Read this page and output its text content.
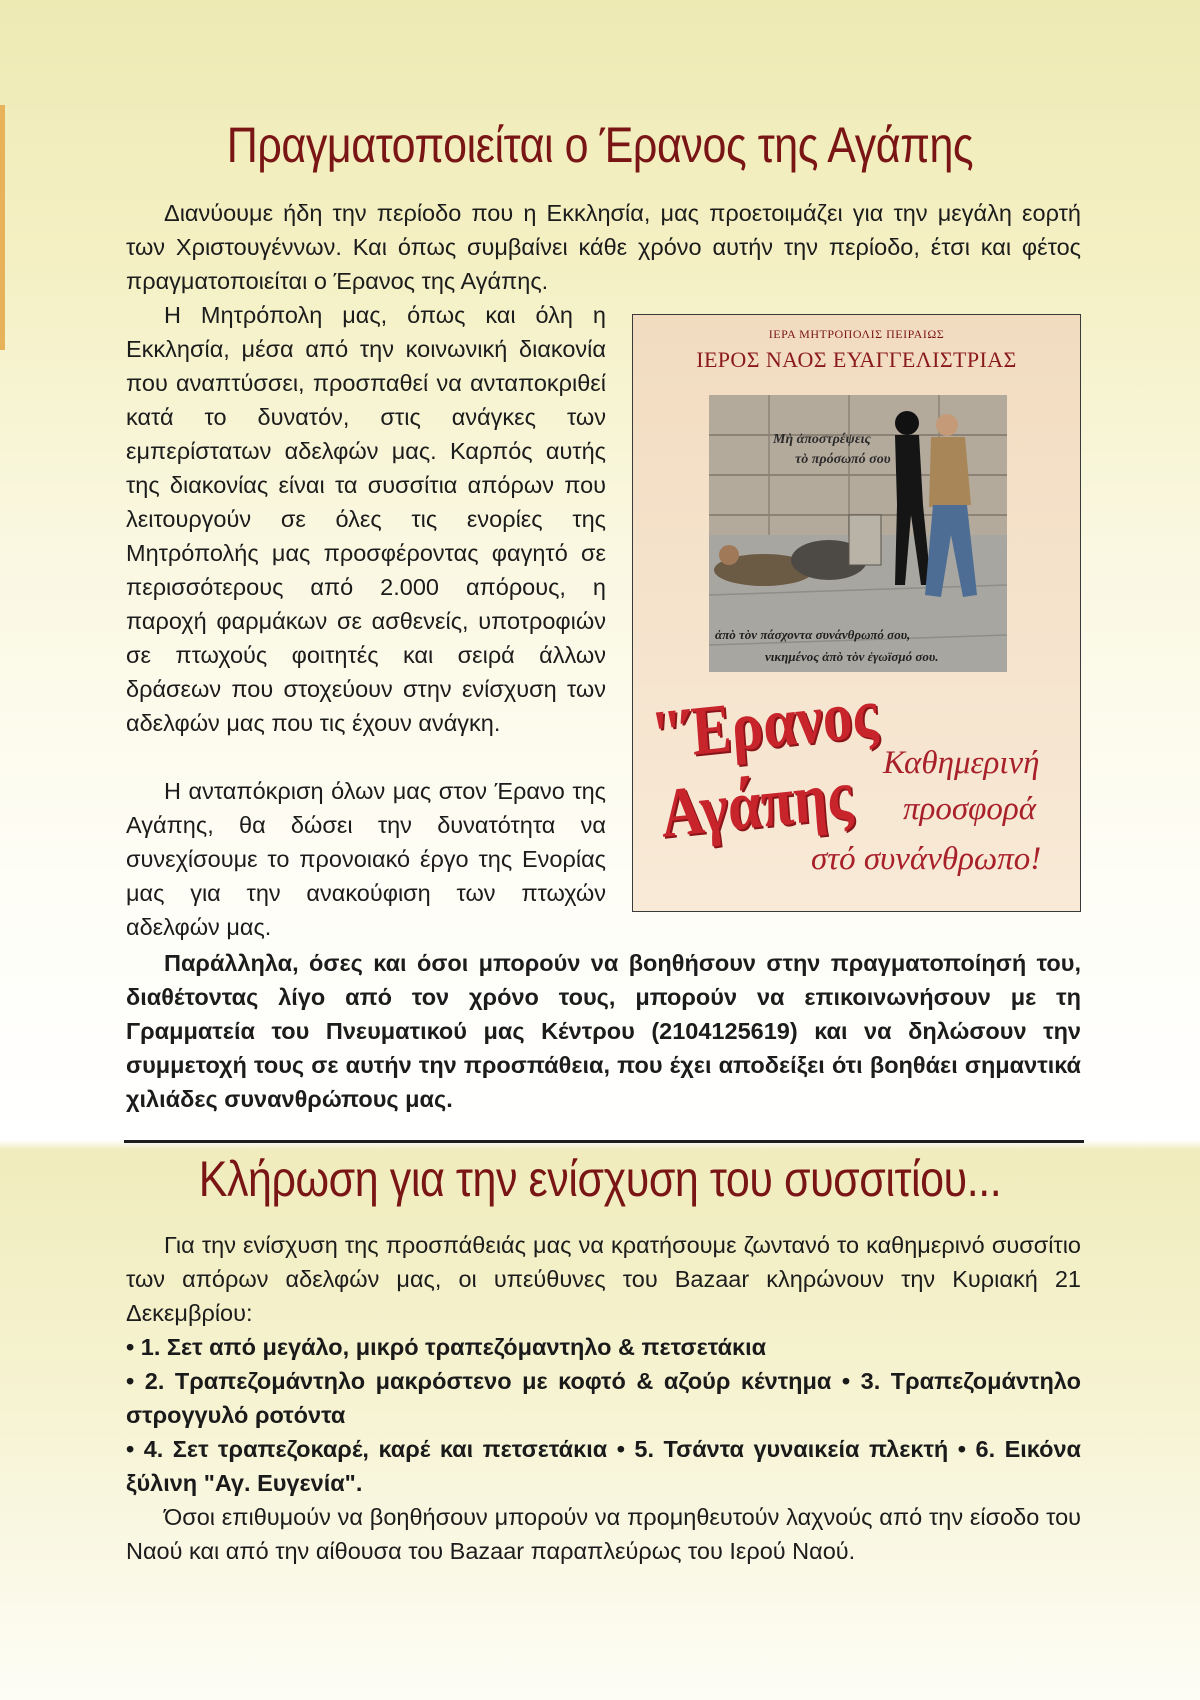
Πραγματοποιείται ο Έρανος της Αγάπης

Διανύουμε ήδη την περίοδο που η Εκκλησία, μας προετοιμάζει για την μεγάλη εορτή των Χριστουγέννων. Και όπως συμβαίνει κάθε χρόνο αυτήν την περίοδο, έτσι και φέτος πραγματοποιείται ο Έρανος της Αγάπης.

Η Μητρόπολη μας, όπως και όλη η Εκκλησία, μέσα από την κοινωνική διακονία που αναπτύσσει, προσπαθεί να ανταποκριθεί κατά το δυνατόν, στις ανάγκες των εμπερίστατων αδελφών μας. Καρπός αυτής της διακονίας είναι τα συσσίτια απόρων που λειτουργούν σε όλες τις ενορίες της Μητρόπολής μας προσφέροντας φαγητό σε περισσότερους από 2.000 απόρους, η παροχή φαρμάκων σε ασθενείς, υποτροφιών σε πτωχούς φοιτητές και σειρά άλλων δράσεων που στοχεύουν στην ενίσχυση των αδελφών μας που τις έχουν ανάγκη.

Η ανταπόκριση όλων μας στον Έρανο της Αγάπης, θα δώσει την δυνατότητα να συνεχίσουμε το προνοιακό έργο της Ενορίας μας για την ανακούφιση των πτωχών αδελφών μας.

Παράλληλα, όσες και όσοι μπορούν να βοηθήσουν στην πραγματοποίησή του, διαθέτοντας λίγο από τον χρόνο τους, μπορούν να επικοινωνήσουν με τη Γραμματεία του Πνευματικού μας Κέντρου (2104125619) και να δηλώσουν την συμμετοχή τους σε αυτήν την προσπάθεια, που έχει αποδείξει ότι βοηθάει σημαντικά χιλιάδες συνανθρώπους μας.

ΙΕΡΑ ΜΗΤΡΟΠΟΛΙΣ ΠΕΙΡΑΙΩΣ
ΙΕΡΟΣ ΝΑΟΣ ΕΥΑΓΓΕΛΙΣΤΡΙΑΣ
Μὴ ἀποστρέψεις
τὸ πρόσωπό σου
ἀπὸ τὸν πάσχοντα συνάνθρωπό σου,
νικημένος ἀπὸ τὸν ἐγωϊσμό σου.
"Έρανος
Αγάπης Καθημερινή
προσφορά
στό συνάνθρωπο!
Κλήρωση για την ενίσχυση του συσσιτίου...

Για την ενίσχυση της προσπάθειάς μας να κρατήσουμε ζωντανό το καθημερινό συσσίτιο των απόρων αδελφών μας, οι υπεύθυνες του Bazaar κληρώνουν την Κυριακή 21 Δεκεμβρίου:

• 1. Σετ από μεγάλο, μικρό τραπεζόμαντηλο & πετσετάκια

• 2. Τραπεζομάντηλο μακρόστενο με κοφτό & αζούρ κέντημα • 3. Τραπεζομάντηλο στρογγυλό ροτόντα

• 4. Σετ τραπεζοκαρέ, καρέ και πετσετάκια • 5. Τσάντα γυναικεία πλεκτή • 6. Εικόνα ξύλινη "Αγ. Ευγενία".

Όσοι επιθυμούν να βοηθήσουν μπορούν να προμηθευτούν λαχνούς από την είσοδο του Ναού και από την αίθουσα του Bazaar παραπλεύρως του Ιερού Ναού.
